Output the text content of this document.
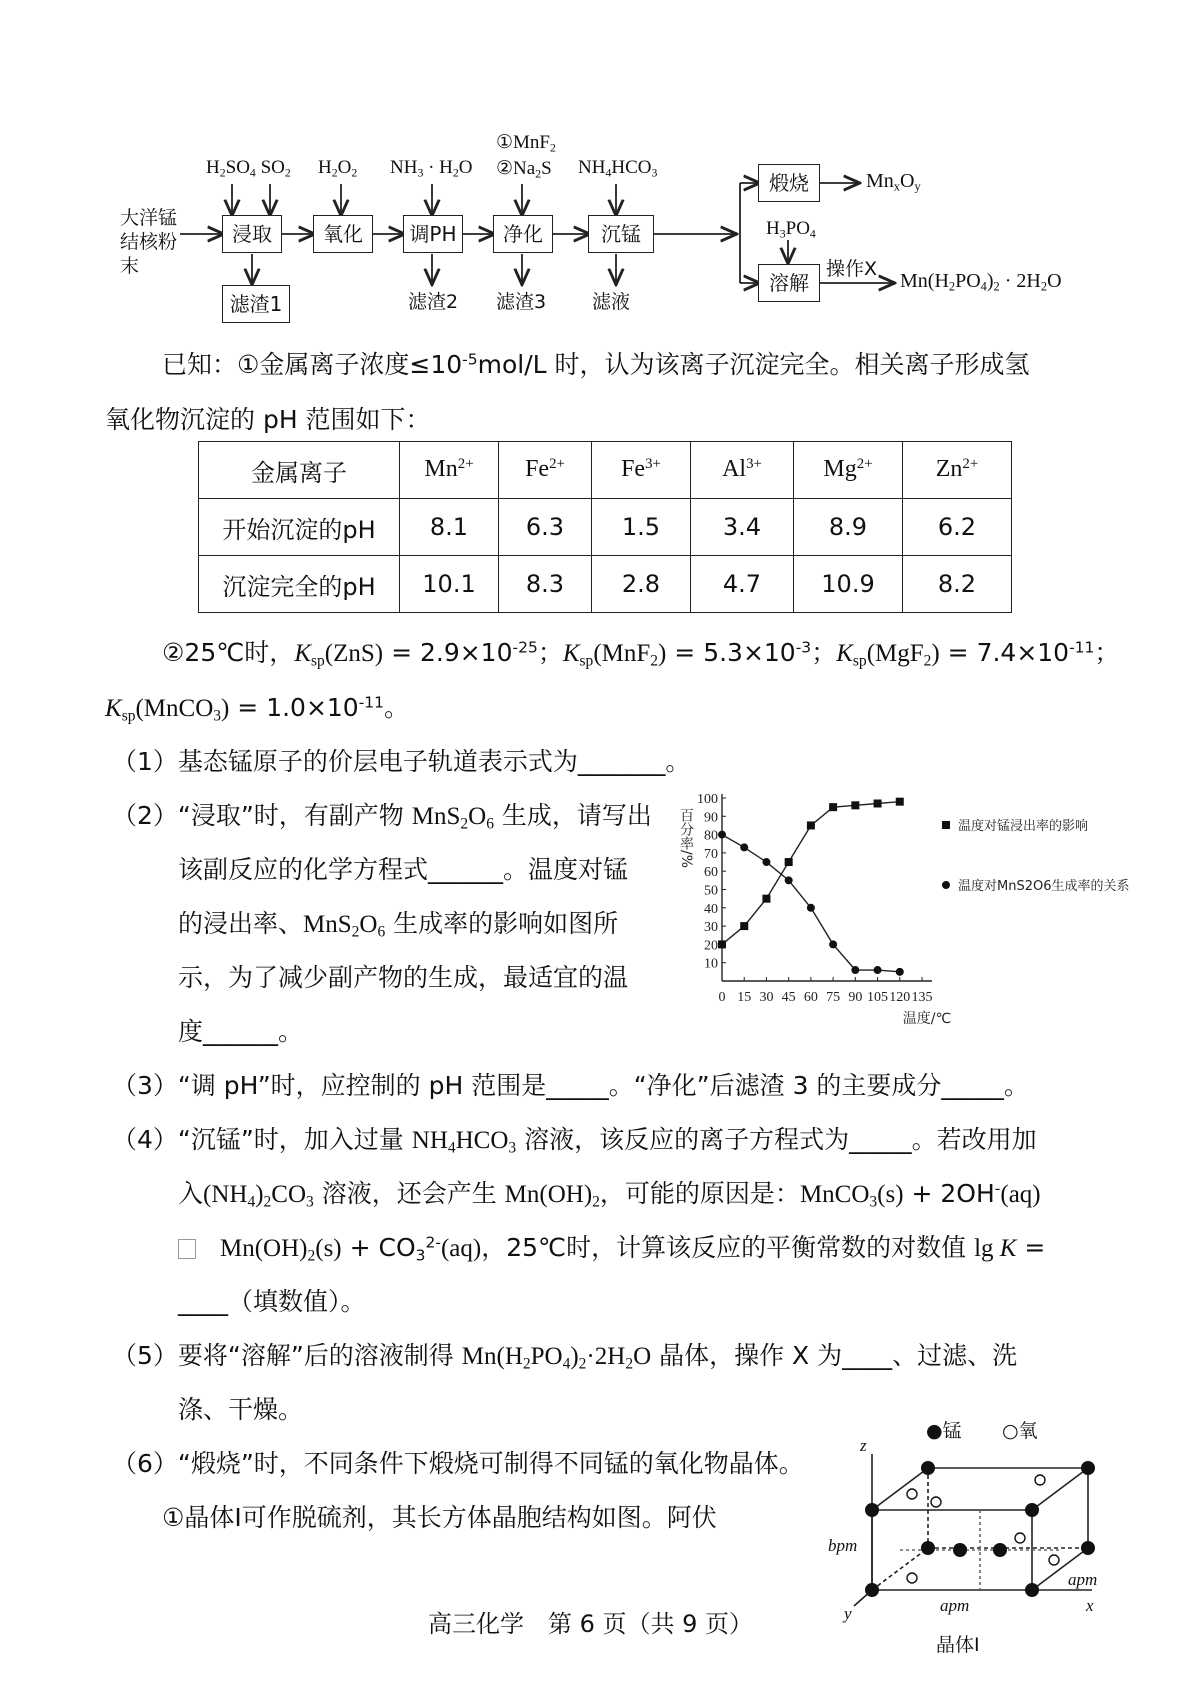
大洋锰
结核粉
末
$H_2SO_4$ $SO_2$ $H_2O_2$ $NH_3 \cdot H_2O$
①MnF$_2$
$②Na_2S$ $NH_4HCO_3$
$H_3PO_4$
浸取	氧化	调PH	净化	沉锰
煅烧
溶解
滤渣1	滤渣2 滤渣3 滤液
操作X
$Mn_xO_y$
$Mn(H_2PO_4)_2 \cdot 2H_2O$
已知：①金属离子浓度$\le 10^{-5}mol/L$ 时，认为该离子沉淀完全。相关离子形成氢
氧化物沉淀的 pH 范围如下：
金属离子	$Mn^{2+}$	$Fe^{2+}$	$Fe^{3+}$	$Al^{3+}$	$Mg^{2+}$	$Zn^{2+}$
开始沉淀的pH	8.1	6.3	1.5	3.4	8.9	6.2
沉淀完全的pH	10.1	8.3	2.8	4.7	10.9	8.2
②25℃时，$K_{sp}(ZnS) = 2.9\times 10^{-25}$；$K_{sp}(MnF_2) = 5.3\times 10^{-3}$；$K_{sp}(MgF_2) = 7.4\times 10^{-11}$；
$K_{sp}(MnCO_3) = 1.0\times 10^{-11}$。
（1）基态锰原子的价层电子轨道表示式为_______。
（2）“浸取”时，有副产物 $MnS_2O_6$ 生成，请写出
该副反应的化学方程式______。温度对锰
的浸出率、$MnS_2O_6$ 生成率的影响如图所
示，为了减少副产物的生成，最适宜的温
度______。
10
20
30
40
50
60
70
80
90
100
0 15 30 45 60 75 90 105 120 135
百分率/%
温度/℃
温度对锰浸出率的影响
温度对MnS2O6生成率的关系
（3）“调 pH”时，应控制的 pH 范围是_____。“净化”后滤渣 3 的主要成分_____。
（4）“沉锰”时，加入过量 $NH_4HCO_3$ 溶液，该反应的离子方程式为_____。若改用加
入$(NH_4)_2CO_3$ 溶液，还会产生 $Mn(OH)_2$，可能的原因是：MnCO$_3$(s) + 2OH-(aq)
$Mn(OH)_2(s) + CO_3^{2-}(aq)$，25℃时，计算该反应的平衡常数的对数值 lg K =
____（填数值）。
（5）要将“溶解”后的溶液制得 $Mn(H_2PO_4)_2\cdot 2H_2O$ 晶体，操作 X 为____、过滤、洗
涤、干燥。
（6）“煅烧”时，不同条件下煅烧可制得不同锰的氧化物晶体。
①晶体Ⅰ可作脱硫剂，其长方体晶胞结构如图。阿伏
●锰 ○氧
z
bpm
apm
apm	x
y
晶体Ⅰ
高三化学　第 6 页（共 9 页）
